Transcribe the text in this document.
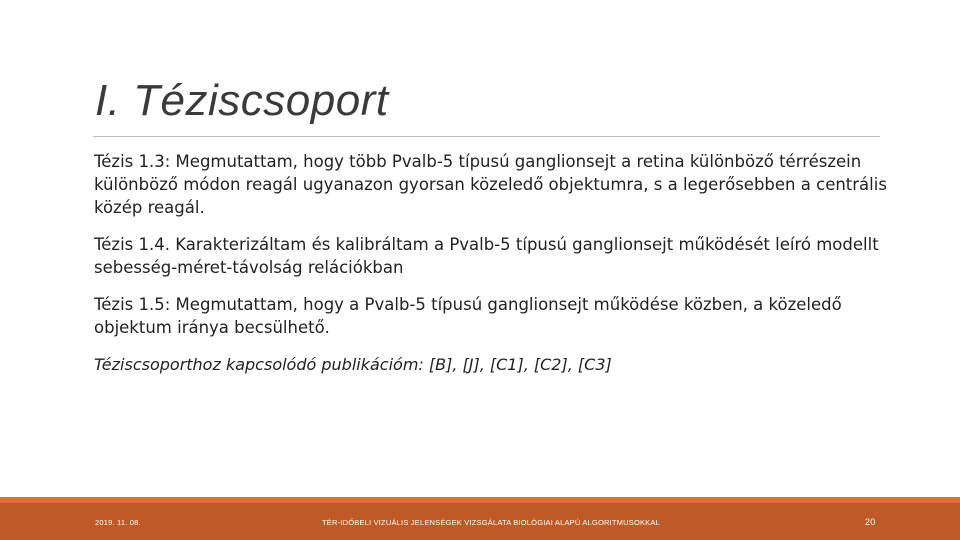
I. Téziscsoport

Tézis 1.3: Megmutattam, hogy több Pvalb-5 típusú ganglionsejt a retina különböző térrészein különböző módon reagál ugyanazon gyorsan közeledő objektumra, s a legerősebben a centrális közép reagál.

Tézis 1.4. Karakterizáltam és kalibráltam a Pvalb-5 típusú ganglionsejt működését leíró modellt sebesség-méret-távolság relációkban

Tézis 1.5: Megmutattam, hogy a Pvalb-5 típusú ganglionsejt működése közben, a közeledő objektum iránya becsülhető.

Téziscsoporthoz kapcsolódó publikációm: [B], [J], [C1], [C2], [C3]

2019. 11. 08.	TÉR-IDŐBELI VIZUÁLIS JELENSÉGEK VIZSGÁLATA BIOLÓGIAI ALAPÚ ALGORITMUSOKKAL	20
